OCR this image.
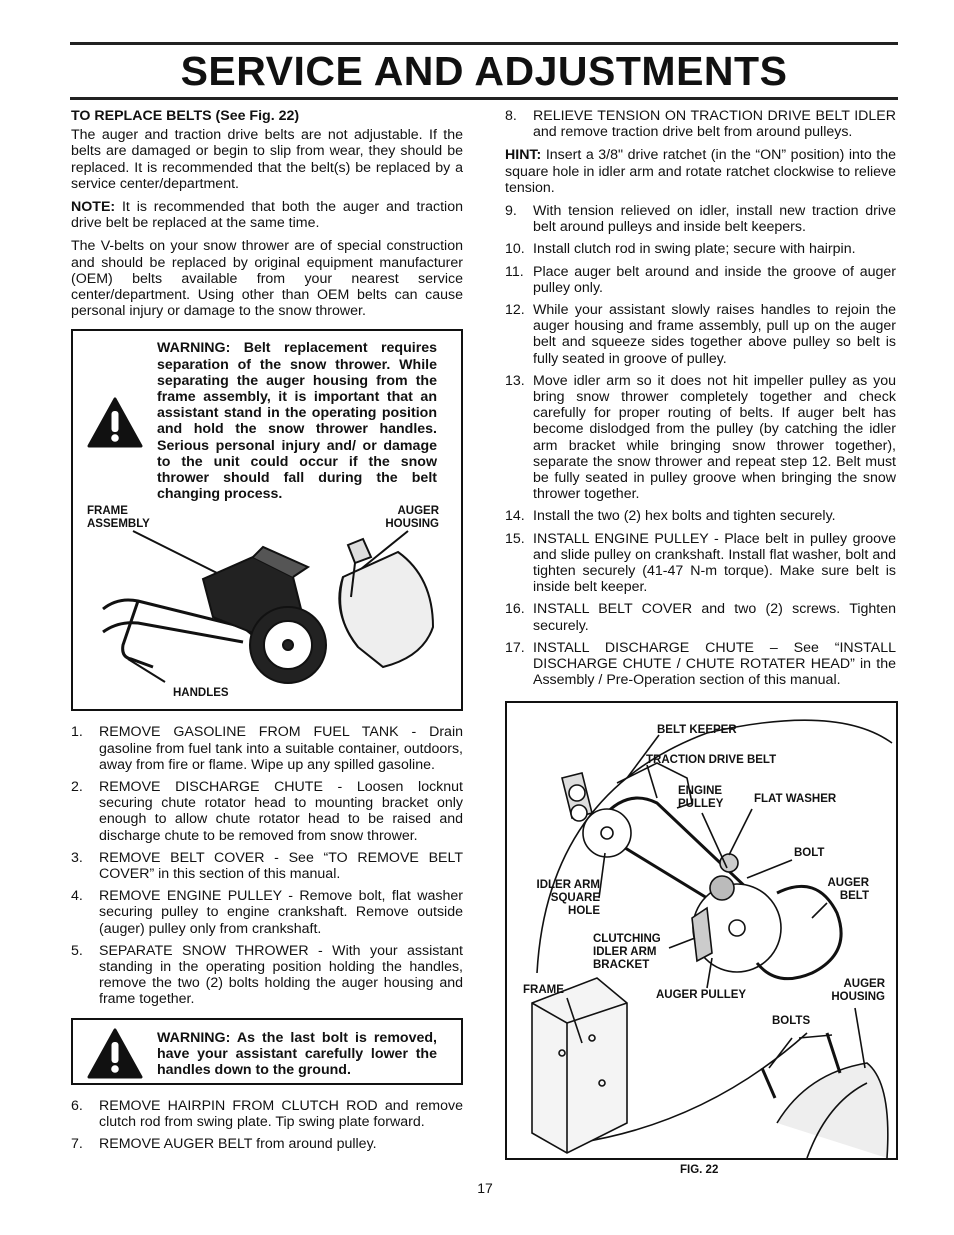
SERVICE AND ADJUSTMENTS

TO REPLACE BELTS (See Fig. 22)

The auger and traction drive belts are not adjustable. If the belts are damaged or begin to slip from wear, they should be replaced. It is recommended that the belt(s) be replaced by a service center/department.

NOTE: It is recommended that both the auger and traction drive belt be replaced at the same time.

The V-belts on your snow thrower are of special construction and should be replaced by original equipment manufacturer (OEM) belts available from your nearest service center/department. Using other than OEM belts can cause personal injury or damage to the snow thrower.

WARNING: Belt replacement requires separation of the snow thrower. While separating the auger housing from the frame assembly, it is important that an assistant stand in the operating position and hold the snow thrower handles. Serious personal injury and/ or damage to the unit could occur if the snow thrower should fall during the belt changing process.
FRAME
ASSEMBLY
AUGER
HOUSING
HANDLES
1. REMOVE GASOLINE FROM FUEL TANK - Drain gasoline from fuel tank into a suitable container, outdoors, away from fire or flame. Wipe up any spilled gasoline.
2. REMOVE DISCHARGE CHUTE - Loosen locknut securing chute rotator head to mounting bracket only enough to allow chute rotator head to be raised and discharge chute to be removed from snow thrower.
3. REMOVE BELT COVER - See “TO REMOVE BELT COVER” in this section of this manual.
4. REMOVE ENGINE PULLEY - Remove bolt, flat washer securing pulley to engine crankshaft. Remove outside (auger) pulley only from crankshaft.
5. SEPARATE SNOW THROWER - With your assistant standing in the operating position holding the handles, remove the two (2) bolts holding the auger housing and frame together.
WARNING: As the last bolt is removed, have your assistant carefully lower the handles down to the ground.
6. REMOVE HAIRPIN FROM CLUTCH ROD and remove clutch rod from swing plate. Tip swing plate forward.
7. REMOVE AUGER BELT from around pulley.
8. RELIEVE TENSION ON TRACTION DRIVE BELT IDLER and remove traction drive belt from around pulleys.

HINT: Insert a 3/8" drive ratchet (in the “ON” position) into the square hole in idler arm and rotate ratchet clockwise to relieve tension.

9. With tension relieved on idler, install new traction drive belt around pulleys and inside belt keepers.
10. Install clutch rod in swing plate; secure with hairpin.
11. Place auger belt around and inside the groove of auger pulley only.
12. While your assistant slowly raises handles to rejoin the auger housing and frame assembly, pull up on the auger belt and squeeze sides together above pulley so belt is fully seated in groove of pulley.
13. Move idler arm so it does not hit impeller pulley as you bring snow thrower completely together and check carefully for proper routing of belts. If auger belt has become dislodged from the pulley (by catching the idler arm bracket while bringing snow thrower together), separate the snow thrower and repeat step 12. Belt must be fully seated in pulley groove when bringing the snow thrower together.
14. Install the two (2) hex bolts and tighten securely.
15. INSTALL ENGINE PULLEY - Place belt in pulley groove and slide pulley on crankshaft. Install flat washer, bolt and tighten securely (41-47 N-m torque). Make sure belt is inside belt keeper.
16. INSTALL BELT COVER and two (2) screws. Tighten securely.
17. INSTALL DISCHARGE CHUTE – See “INSTALL DISCHARGE CHUTE / CHUTE ROTATER HEAD” in the Assembly / Pre-Operation section of this manual.
BELT KEEPER
TRACTION DRIVE BELT
ENGINE
PULLEY	FLAT WASHER
BOLT
IDLER ARM
SQUARE
HOLE
AUGER
BELT
CLUTCHING
IDLER ARM
BRACKET
FRAME	AUGER PULLEY
AUGER
HOUSING
BOLTS
FIG. 22
17
